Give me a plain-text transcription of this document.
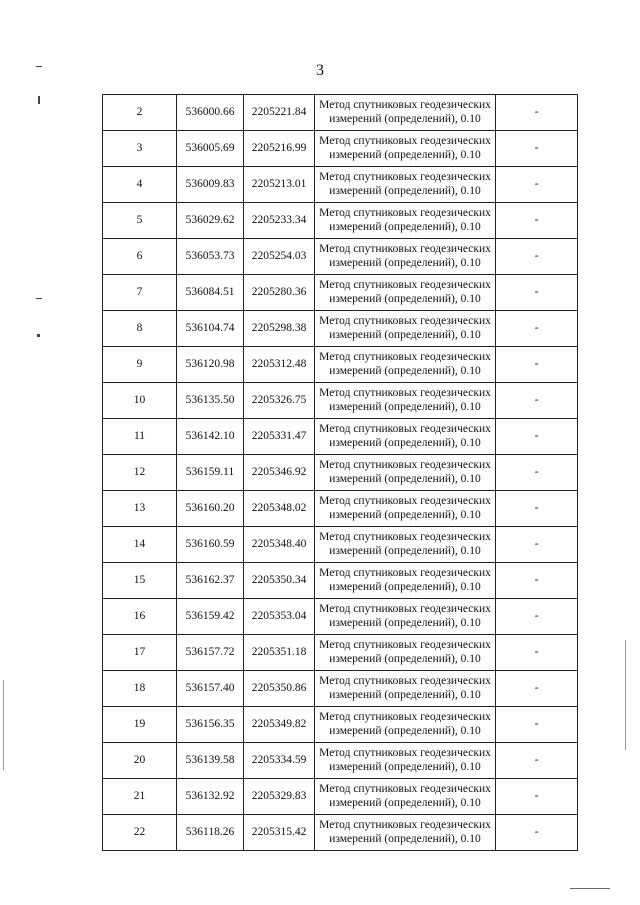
3
2	536000.66	2205221.84	Метод спутниковых геодезических
измерений (определений), 0.10	-
3	536005.69	2205216.99	Метод спутниковых геодезических
измерений (определений), 0.10	-
4	536009.83	2205213.01	Метод спутниковых геодезических
измерений (определений), 0.10	-
5	536029.62	2205233.34	Метод спутниковых геодезических
измерений (определений), 0.10	-
6	536053.73	2205254.03	Метод спутниковых геодезических
измерений (определений), 0.10	-
7	536084.51	2205280.36	Метод спутниковых геодезических
измерений (определений), 0.10	-
8	536104.74	2205298.38	Метод спутниковых геодезических
измерений (определений), 0.10	-
9	536120.98	2205312.48	Метод спутниковых геодезических
измерений (определений), 0.10	-
10	536135.50	2205326.75	Метод спутниковых геодезических
измерений (определений), 0.10	-
11	536142.10	2205331.47	Метод спутниковых геодезических
измерений (определений), 0.10	-
12	536159.11	2205346.92	Метод спутниковых геодезических
измерений (определений), 0.10	-
13	536160.20	2205348.02	Метод спутниковых геодезических
измерений (определений), 0.10	-
14	536160.59	2205348.40	Метод спутниковых геодезических
измерений (определений), 0.10	-
15	536162.37	2205350.34	Метод спутниковых геодезических
измерений (определений), 0.10	-
16	536159.42	2205353.04	Метод спутниковых геодезических
измерений (определений), 0.10	-
17	536157.72	2205351.18	Метод спутниковых геодезических
измерений (определений), 0.10	-
18	536157.40	2205350.86	Метод спутниковых геодезических
измерений (определений), 0.10	-
19	536156.35	2205349.82	Метод спутниковых геодезических
измерений (определений), 0.10	-
20	536139.58	2205334.59	Метод спутниковых геодезических
измерений (определений), 0.10	-
21	536132.92	2205329.83	Метод спутниковых геодезических
измерений (определений), 0.10	-
22	536118.26	2205315.42	Метод спутниковых геодезических
измерений (определений), 0.10	-
